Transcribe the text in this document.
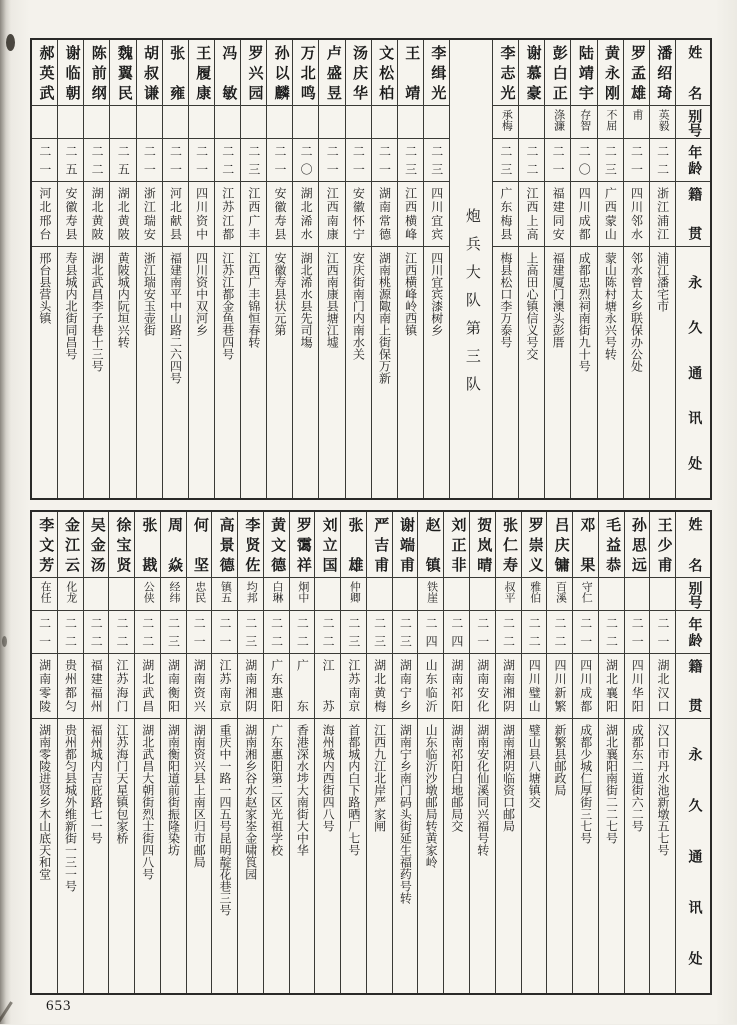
郝英武
二一
河北邢台
邢台县营头镇
谢临朝
二五
安徽寿县
寿县城内北街同昌号
陈前纲
二二
湖北黄陂
湖北武昌李子巷十三号
魏翼民
二五
湖北黄陂
黄陂城内阮垣兴转
胡叔谦
二一
浙江瑞安
浙江瑞安玉壶街
张雍
二一
河北献县
福建南平中山路二六四号
王履康
二一
四川资中
四川资中双河乡
冯敏
二二
江苏江都
江苏江都金鱼巷四号
罗兴园
二三
江西广丰
江西广丰锦恒春转
孙以麟
二一
安徽寿县
安徽寿县状元第
万北鸣
二〇
湖北浠水
湖北浠水县先司塲
卢盛昱
二一
江西南康
江西南康县塘江墟
汤庆华
二一
安徽怀宁
安庆街南门内南水关
文松柏
二一
湖南常德
湖南桃源陬南上街保万新
王靖
二三
江西横峰
江西横峰岭西镇
李缉光
二三
四川宜宾
四川宜宾漆树乡 炮兵大队第三队
李志光
承梅
二三
广东梅县
梅县松口李万泰号
谢慕豪
二二
江西上高
上高田心镇信义号交
彭白正
涤濂
二一
福建同安
福建厦门澳头彭厝
陆靖宇
存智
二〇
四川成都
成都忠烈祠南街九十号
黄永刚
不屈
二三
广西蒙山
蒙山陈村塘永兴号转
罗孟雄
甫
二一
四川邻水
邻水曾太乡联保办公处
潘绍琦
英毅
二二
浙江浦江
浦江潘宅市
姓名
别号
年龄
籍贯
永久通讯处
李文芳
在任
二一
湖南零陵
湖南零陵进贤乡木山底天和堂
金江云
化龙
二二
贵州都匀
贵州都匀县城外维新街一三一号
吴金汤
二二
福建福州
福州城内吉庇路七一号
徐宝贤
二二
江苏海门
江苏海门天星镇包家桥
张戡
公侠
二二
湖北武昌
湖北武昌大朝街烈士街四八号
周焱
经纬
二三
湖南衡阳
湖南衡阳道前街振隆染坊
何坚
忠民
二一
湖南资兴
湖南资兴县上南区归市邮局
高景德
镇五
二一
江苏南京
重庆中一路一四五号昆明靛花巷三号
李贤佐
均邦
二三
湖南湘阴
湖南湘乡谷水赵家峑金啸筤园
黄文德
白琳
二二
广东惠阳
广东惠阳第二区光祖学校
罗霭祥
炯中
二二
广东
香港深水埗大南街大中华
刘立国
二二
江苏
海州城内西街四八号
张雄
仲卿
二三
江苏南京
首都城内白下路晒厂七号
严吉甫
二三
湖北黄梅
江西九江北岸严家闸
谢端甫
二三
湖南宁乡
湖南宁乡南门码头街延生福药号转
赵镇
铁崖
二四
山东临沂
山东临沂沙墩邮局转黄家岭
刘正非
二四
湖南祁阳
湖南祁阳白地邮局交
贺岚晴
二一
湖南安化
湖南安化仙溪同兴福号转
张仁寿
叔平
二二
湖南湘阴
湖南湘阴临资口邮局
罗崇义
雅伯
二二
四川璧山
璧山县八塘镇交
吕庆镛
百溪
二二
四川新繁
新繁县邮政局
邓果
守仁
二一
四川成都
成都少城仁厚街三七号
毛益恭
二二
湖北襄阳
湖北襄阳南街二二七号
孙思远
二一
四川华阳
成都东二道街六二号
王少甫
二一
湖北汉口
汉口市丹水池新墩五七号
姓名
别号
年龄
籍贯
永久通讯处
653
